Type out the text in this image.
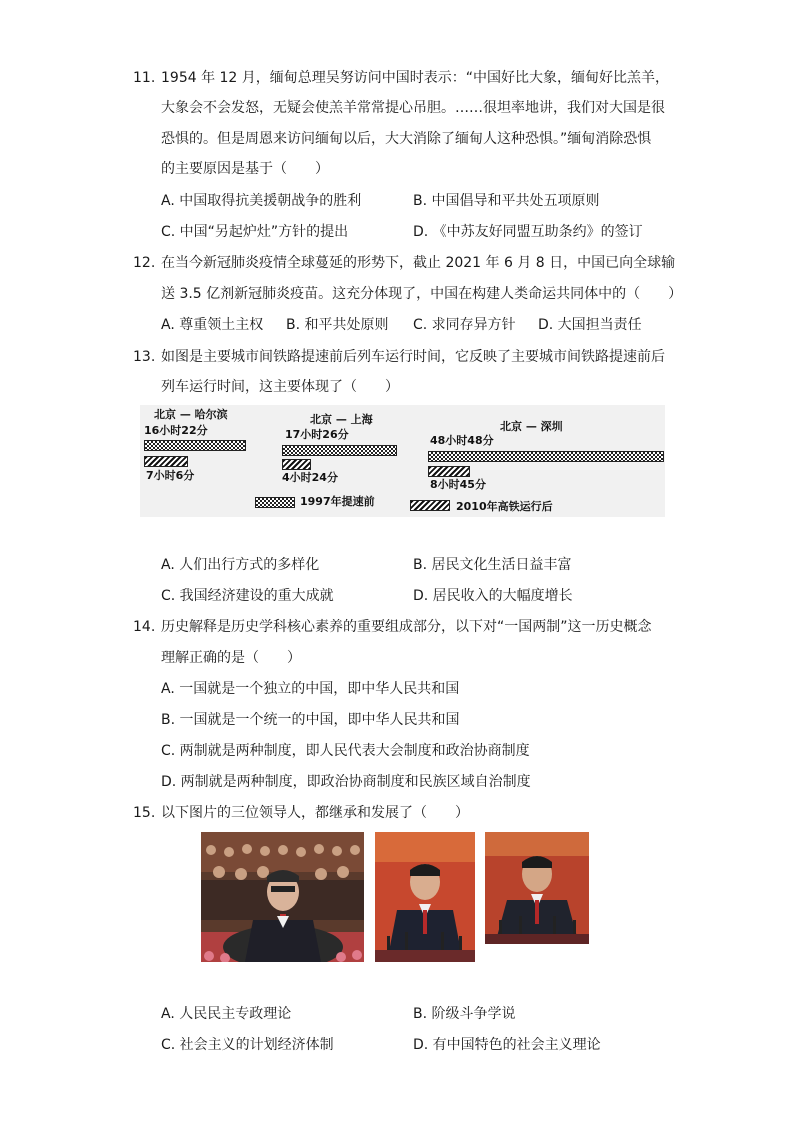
11. 1954 年 12 月，缅甸总理吴努访问中国时表示：“中国好比大象，缅甸好比羔羊，
大象会不会发怒，无疑会使羔羊常常提心吊胆。……很坦率地讲，我们对大国是很
恐惧的。但是周恩来访问缅甸以后，大大消除了缅甸人这种恐惧。”缅甸消除恐惧
的主要原因是基于（　　）
A. 中国取得抗美援朝战争的胜利	B. 中国倡导和平共处五项原则
C. 中国“另起炉灶”方针的提出	D. 《中苏友好同盟互助条约》的签订
12. 在当今新冠肺炎疫情全球蔓延的形势下，截止 2021 年 6 月 8 日，中国已向全球输
送 3.5 亿剂新冠肺炎疫苗。这充分体现了，中国在构建人类命运共同体中的（　　）
A. 尊重领土主权 B. 和平共处原则 C. 求同存异方针 D. 大国担当责任
13. 如图是主要城市间铁路提速前后列车运行时间，它反映了主要城市间铁路提速前后
列车运行时间，这主要体现了（　　）
北京 — 哈尔滨	北京 — 上海
北京 — 深圳
16小时22分	17小时26分	48小时48分
7小时6分	4小时24分
8小时45分
1997年提速前	2010年高铁运行后
A. 人们出行方式的多样化	B. 居民文化生活日益丰富
C. 我国经济建设的重大成就	D. 居民收入的大幅度增长
14. 历史解释是历史学科核心素养的重要组成部分，以下对“一国两制”这一历史概念
理解正确的是（　　）
A. 一国就是一个独立的中国，即中华人民共和国
B. 一国就是一个统一的中国，即中华人民共和国
C. 两制就是两种制度，即人民代表大会制度和政治协商制度
D. 两制就是两种制度，即政治协商制度和民族区域自治制度
15. 以下图片的三位领导人，都继承和发展了（　　）
A. 人民民主专政理论	B. 阶级斗争学说
C. 社会主义的计划经济体制	D. 有中国特色的社会主义理论
